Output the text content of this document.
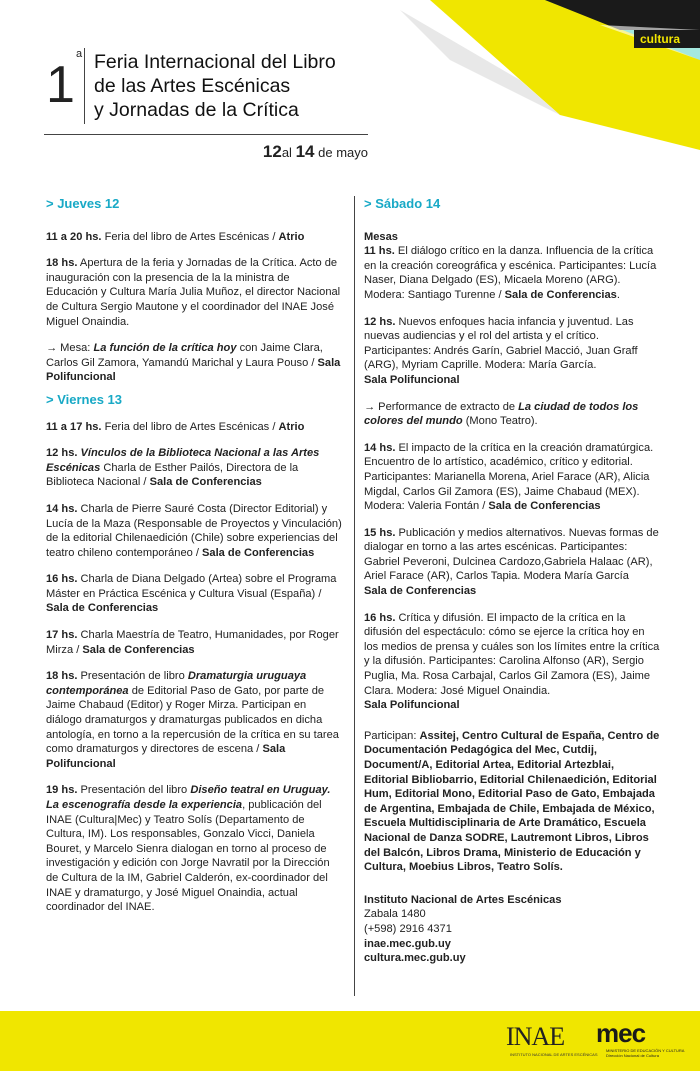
cultura
1
a Feria Internacional del Libro
de las Artes Escénicas
y Jornadas de la Crítica
12al 14 de mayo
> Jueves 12
11 a 20 hs. Feria del libro de Artes Escénicas / Atrio
18 hs. Apertura de la feria y Jornadas de la Crítica. Acto de inauguración con la presencia de la la ministra de Educación y Cultura María Julia Muñoz, el director Nacional de Cultura Sergio Mautone y el coordinador del INAE José Miguel Onaindia.
→ Mesa: La función de la crítica hoy con Jaime Clara, Carlos Gil Zamora, Yamandú Marichal y Laura Pouso / Sala Polifuncional
> Viernes 13
11 a 17 hs. Feria del libro de Artes Escénicas / Atrio
12 hs. Vínculos de la Biblioteca Nacional a las Artes Escénicas Charla de Esther Pailós, Directora de la Biblioteca Nacional / Sala de Conferencias
14 hs. Charla de Pierre Sauré Costa (Director Editorial) y Lucía de la Maza (Responsable de Proyectos y Vinculación) de la editorial Chilenaedición (Chile) sobre experiencias del teatro chileno contemporáneo / Sala de Conferencias
16 hs. Charla de Diana Delgado (Artea) sobre el Programa Máster en Práctica Escénica y Cultura Visual (España) / Sala de Conferencias
17 hs. Charla Maestría de Teatro, Humanidades, por Roger Mirza / Sala de Conferencias
18 hs. Presentación de libro Dramaturgia uruguaya contemporánea de Editorial Paso de Gato, por parte de Jaime Chabaud (Editor) y Roger Mirza. Participan en diálogo dramaturgos y dramaturgas publicados en dicha antología, en torno a la repercusión de la crítica en su tarea como dramaturgos y directores de escena / Sala Polifuncional
19 hs. Presentación del libro Diseño teatral en Uruguay. La escenografía desde la experiencia, publicación del INAE (Cultura|Mec) y Teatro Solís (Departamento de Cultura, IM). Los responsables, Gonzalo Vicci, Daniela Bouret, y Marcelo Sienra dialogan en torno al proceso de investigación y edición con Jorge Navratil por la Dirección de Cultura de la IM, Gabriel Calderón, ex-coordinador del INAE y dramaturgo, y José Miguel Onaindia, actual coordinador del INAE.
> Sábado 14
Mesas
11 hs. El diálogo crítico en la danza. Influencia de la crítica en la creación coreográfica y escénica. Participantes: Lucía Naser, Diana Delgado (ES), Micaela Moreno (ARG). Modera: Santiago Turenne / Sala de Conferencias.
12 hs. Nuevos enfoques hacia infancia y juventud. Las nuevas audiencias y el rol del artista y el crítico. Participantes: Andrés Garín, Gabriel Macció, Juan Graff (ARG), Myriam Caprille. Modera: María García.
Sala Polifuncional
→ Performance de extracto de La ciudad de todos los colores del mundo (Mono Teatro).
14 hs. El impacto de la crítica en la creación dramatúrgica. Encuentro de lo artístico, académico, crítico y editorial. Participantes: Marianella Morena, Ariel Farace (AR), Alicia Migdal, Carlos Gil Zamora (ES), Jaime Chabaud (MEX). Modera: Valeria Fontán / Sala de Conferencias
15 hs. Publicación y medios alternativos. Nuevas formas de dialogar en torno a las artes escénicas. Participantes: Gabriel Peveroni, Dulcinea Cardozo,Gabriela Halaac (AR), Ariel Farace (AR), Carlos Tapia. Modera María García
Sala de Conferencias
16 hs. Crítica y difusión. El impacto de la crítica en la difusión del espectáculo: cómo se ejerce la crítica hoy en los medios de prensa y cuáles son los límites entre la crítica y la difusión. Participantes: Carolina Alfonso (AR), Sergio Puglia, Ma. Rosa Carbajal, Carlos Gil Zamora (ES), Jaime Clara. Modera: José Miguel Onaindia.
Sala Polifuncional
Participan: Assitej, Centro Cultural de España, Centro de Documentación Pedagógica del Mec, Cutdij, Document/A, Editorial Artea, Editorial Artezblai, Editorial Bibliobarrio, Editorial Chilenaedición, Editorial Hum, Editorial Mono, Editorial Paso de Gato, Embajada de Argentina, Embajada de Chile, Embajada de México, Escuela Multidisciplinaria de Arte Dramático, Escuela Nacional de Danza SODRE, Lautremont Libros, Libros del Balcón, Libros Drama, Ministerio de Educación y Cultura, Moebius Libros, Teatro Solís.
Instituto Nacional de Artes Escénicas
Zabala 1480
(+598) 2916 4371
inae.mec.gub.uy
cultura.mec.gub.uy
INAE
INSTITUTO NACIONAL DE ARTES ESCÉNICAS
mec
MINISTERIO DE EDUCACIÓN Y CULTURA
Dirección Nacional de Cultura
